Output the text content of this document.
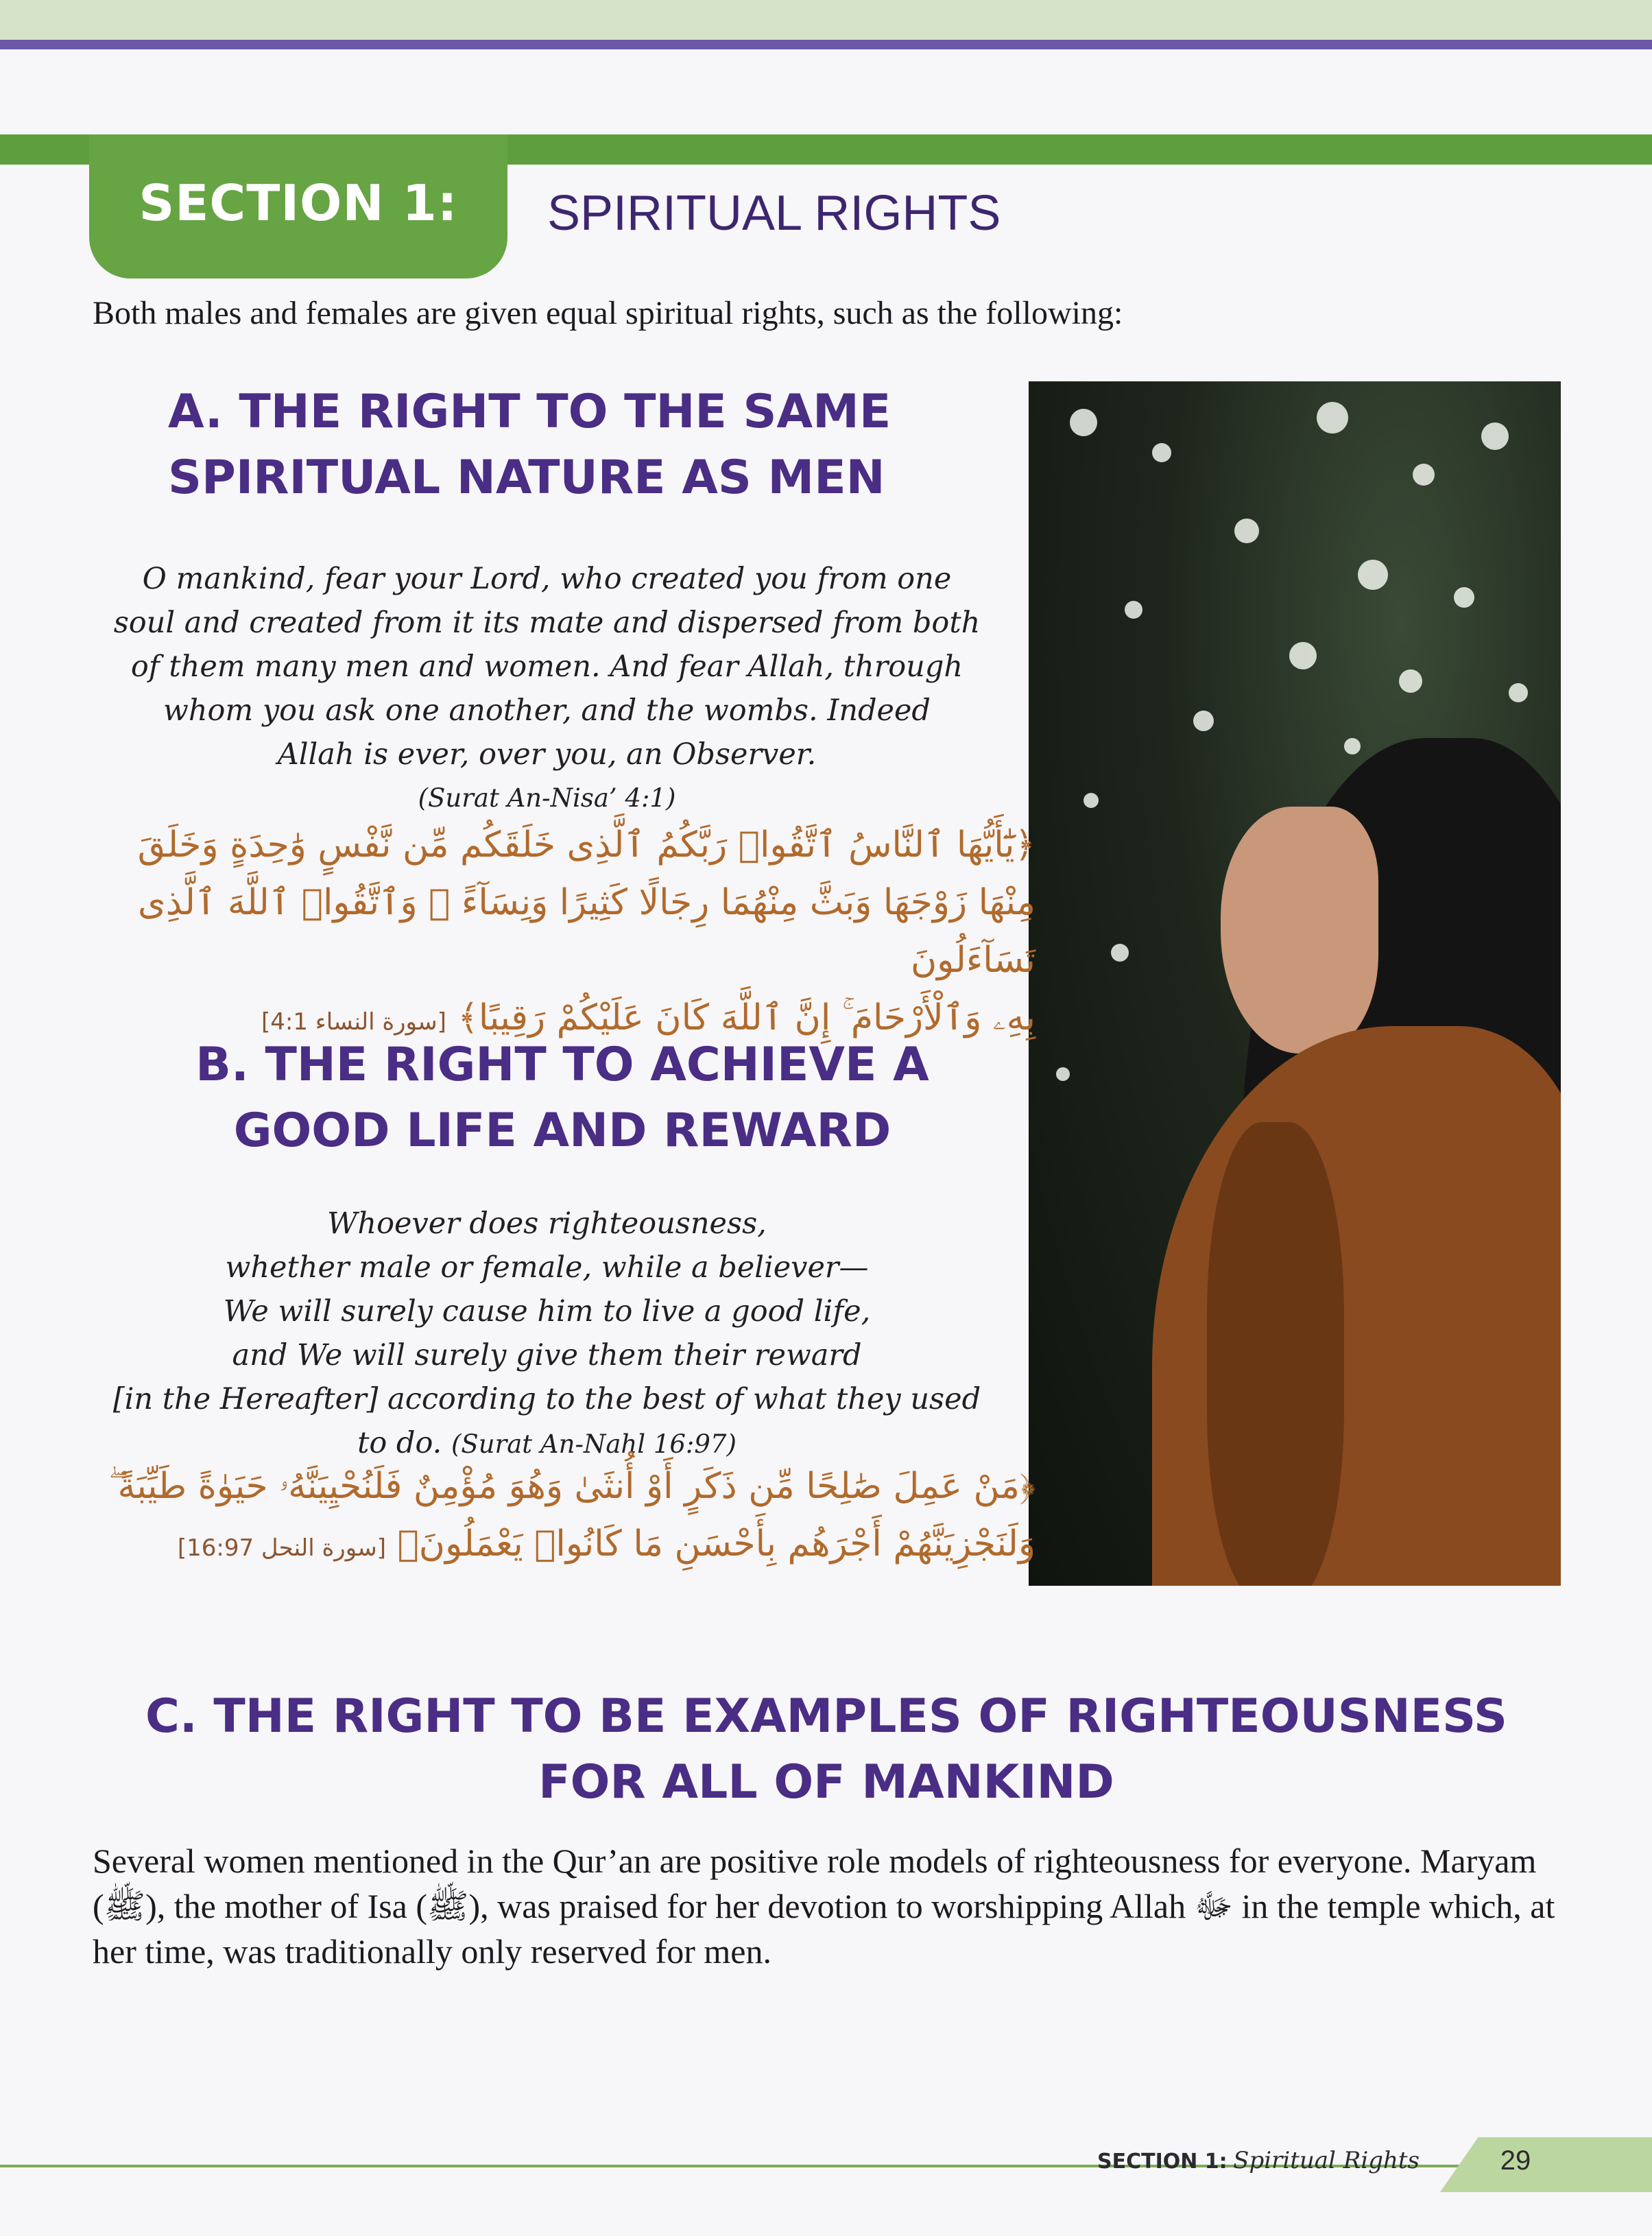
SECTION 1:	SPIRITUAL RIGHTS
Both males and females are given equal spiritual rights, such as the following:
A. THE RIGHT TO THE SAME
SPIRITUAL NATURE AS MEN
O mankind, fear your Lord, who created you from one
soul and created from it its mate and dispersed from both
of them many men and women. And fear Allah, through
whom you ask one another, and the wombs. Indeed
Allah is ever, over you, an Observer.
(Surat An-Nisa’ 4:1)
﴿يَٰٓأَيُّهَا ٱلنَّاسُ ٱتَّقُوا۟ رَبَّكُمُ ٱلَّذِى خَلَقَكُم مِّن نَّفْسٍ وَٰحِدَةٍ وَخَلَقَ
مِنْهَا زَوْجَهَا وَبَثَّ مِنْهُمَا رِجَالًا كَثِيرًا وَنِسَآءً ۚ وَٱتَّقُوا۟ ٱللَّهَ ٱلَّذِى تَسَآءَلُونَ
بِهِۦ وَٱلْأَرْحَامَ ۚ إِنَّ ٱللَّهَ كَانَ عَلَيْكُمْ رَقِيبًا﴾ [سورة النساء 4:1]
B. THE RIGHT TO ACHIEVE A
GOOD LIFE AND REWARD
Whoever does righteousness,
whether male or female, while a believer—
We will surely cause him to live a good life,
and We will surely give them their reward
[in the Hereafter] according to the best of what they used
to do. (Surat An-Nahl 16:97)
﴿مَنْ عَمِلَ صَٰلِحًا مِّن ذَكَرٍ أَوْ أُنثَىٰ وَهُوَ مُؤْمِنٌ فَلَنُحْيِيَنَّهُۥ حَيَوٰةً طَيِّبَةً ۖ
وَلَنَجْزِيَنَّهُمْ أَجْرَهُم بِأَحْسَنِ مَا كَانُوا۟ يَعْمَلُونَ﴾ [سورة النحل 16:97]
C. THE RIGHT TO BE EXAMPLES OF RIGHTEOUSNESS
FOR ALL OF MANKIND
Several women mentioned in the Qur’an are positive role models of righteousness for everyone. Maryam (ﷺ), the mother of Isa (ﷺ), was praised for her devotion to worshipping Allah ﷻ in the temple which, at her time, was traditionally only reserved for men.
SECTION 1: Spiritual Rights	29
